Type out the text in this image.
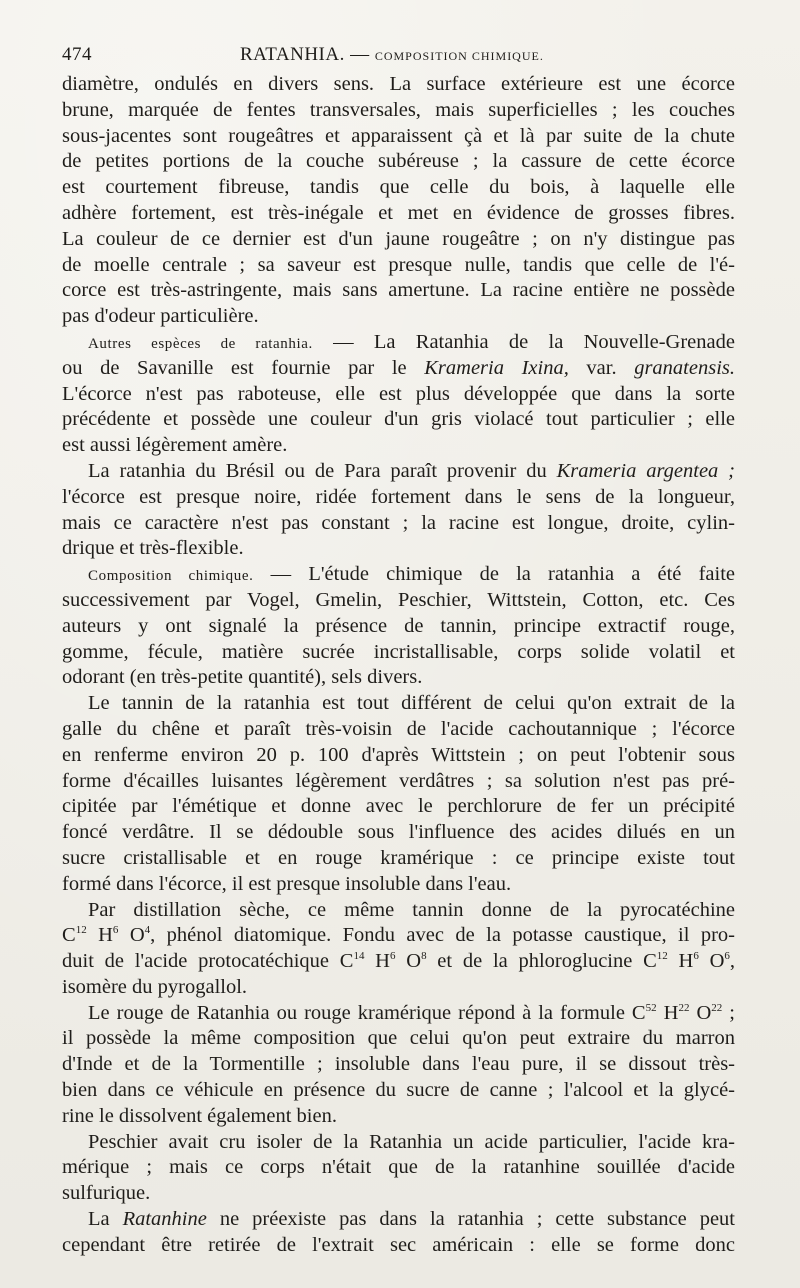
474	RATANHIA. — COMPOSITION CHIMIQUE.
diamètre, ondulés en divers sens. La surface extérieure est une écorce
brune, marquée de fentes transversales, mais superficielles ; les couches
sous-jacentes sont rougeâtres et apparaissent çà et là par suite de la chute
de petites portions de la couche subéreuse ; la cassure de cette écorce
est courtement fibreuse, tandis que celle du bois, à laquelle elle
adhère fortement, est très-inégale et met en évidence de grosses fibres.
La couleur de ce dernier est d'un jaune rougeâtre ; on n'y distingue pas
de moelle centrale ; sa saveur est presque nulle, tandis que celle de l'é-
corce est très-astringente, mais sans amertune. La racine entière ne possède
pas d'odeur particulière.
Autres espèces de ratanhia. — La Ratanhia de la Nouvelle-Grenade
ou de Savanille est fournie par le Krameria Ixina, var. granatensis.
L'écorce n'est pas raboteuse, elle est plus développée que dans la sorte
précédente et possède une couleur d'un gris violacé tout particulier ; elle
est aussi légèrement amère.
La ratanhia du Brésil ou de Para paraît provenir du Krameria argentea ;
l'écorce est presque noire, ridée fortement dans le sens de la longueur,
mais ce caractère n'est pas constant ; la racine est longue, droite, cylin-
drique et très-flexible.
Composition chimique. — L'étude chimique de la ratanhia a été faite
successivement par Vogel, Gmelin, Peschier, Wittstein, Cotton, etc. Ces
auteurs y ont signalé la présence de tannin, principe extractif rouge,
gomme, fécule, matière sucrée incristallisable, corps solide volatil et
odorant (en très-petite quantité), sels divers.
Le tannin de la ratanhia est tout différent de celui qu'on extrait de la
galle du chêne et paraît très-voisin de l'acide cachoutannique ; l'écorce
en renferme environ 20 p. 100 d'après Wittstein ; on peut l'obtenir sous
forme d'écailles luisantes légèrement verdâtres ; sa solution n'est pas pré-
cipitée par l'émétique et donne avec le perchlorure de fer un précipité
foncé verdâtre. Il se dédouble sous l'influence des acides dilués en un
sucre cristallisable et en rouge kramérique : ce principe existe tout
formé dans l'écorce, il est presque insoluble dans l'eau.
Par distillation sèche, ce même tannin donne de la pyrocatéchine
$C^{12}$ $H^6$ $O^4$, phénol diatomique. Fondu avec de la potasse caustique, il pro-
duit de l'acide protocatéchique $C^{14}$ $H^6$ $O^8$ et de la phloroglucine $C^{12}$ $H^6$ $O^6$,
isomère du pyrogallol.
Le rouge de Ratanhia ou rouge kramérique répond à la formule $C^{52}$ $H^{22}$ $O^{22}$ ;
il possède la même composition que celui qu'on peut extraire du marron
d'Inde et de la Tormentille ; insoluble dans l'eau pure, il se dissout très-
bien dans ce véhicule en présence du sucre de canne ; l'alcool et la glycé-
rine le dissolvent également bien.
Peschier avait cru isoler de la Ratanhia un acide particulier, l'acide kra-
mérique ; mais ce corps n'était que de la ratanhine souillée d'acide
sulfurique.
La Ratanhine ne préexiste pas dans la ratanhia ; cette substance peut
cependant être retirée de l'extrait sec américain : elle se forme donc
